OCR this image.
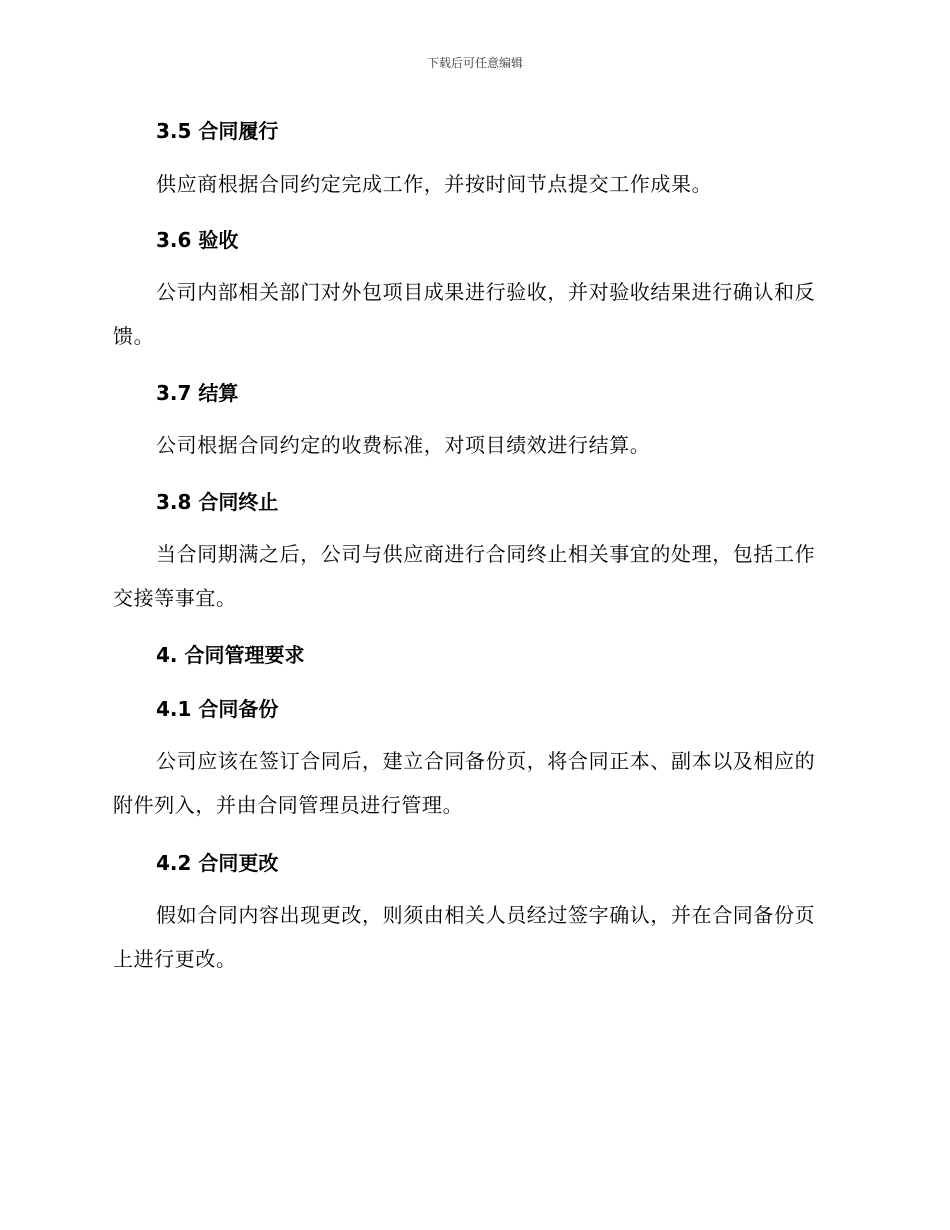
下载后可任意编辑
3.5 合同履行
供应商根据合同约定完成工作，并按时间节点提交工作成果。
3.6 验收
公司内部相关部门对外包项目成果进行验收，并对验收结果进行确认和反馈。
3.7 结算
公司根据合同约定的收费标准，对项目绩效进行结算。
3.8 合同终止
当合同期满之后，公司与供应商进行合同终止相关事宜的处理，包括工作交接等事宜。
4. 合同管理要求
4.1 合同备份
公司应该在签订合同后，建立合同备份页，将合同正本、副本以及相应的附件列入，并由合同管理员进行管理。
4.2 合同更改
假如合同内容出现更改，则须由相关人员经过签字确认，并在合同备份页上进行更改。
